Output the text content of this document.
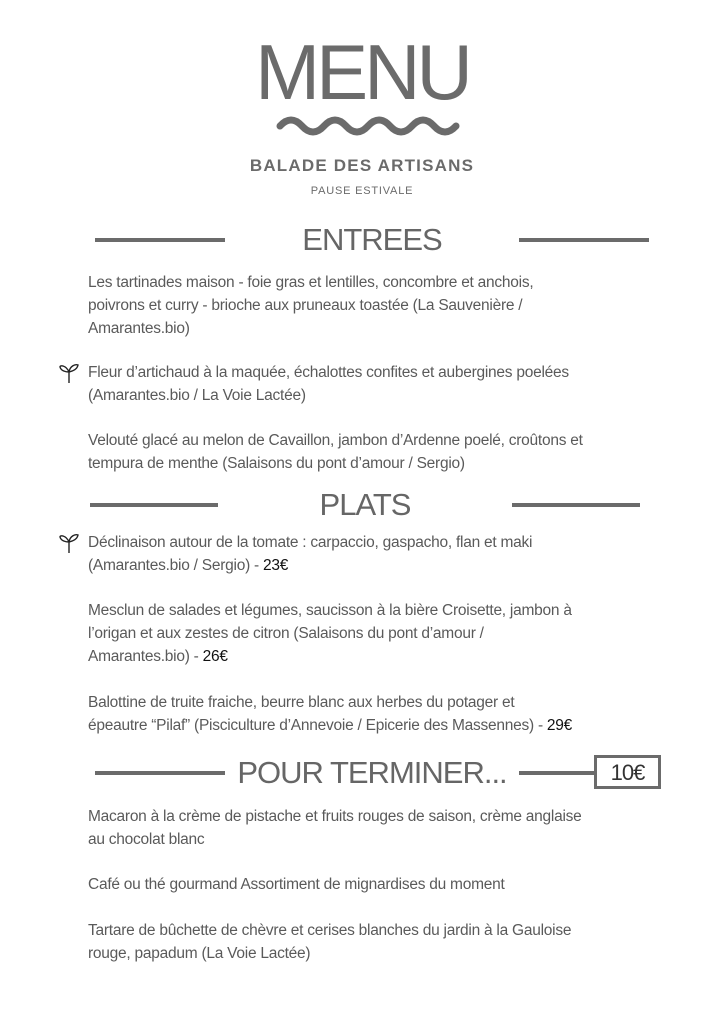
MENU
BALADE DES ARTISANS
PAUSE ESTIVALE
ENTREES
Les tartinades maison - foie gras et lentilles, concombre et anchois,
poivrons et curry - brioche aux pruneaux toastée (La Sauvenière /
Amarantes.bio)
Fleur d’artichaud à la maquée, échalottes confites et aubergines poelées
(Amarantes.bio / La Voie Lactée)
Velouté glacé au melon de Cavaillon, jambon d’Ardenne poelé, croûtons et
tempura de menthe (Salaisons du pont d’amour / Sergio)
PLATS
Déclinaison autour de la tomate : carpaccio, gaspacho, flan et maki
(Amarantes.bio / Sergio) - 23€
Mesclun de salades et légumes, saucisson à la bière Croisette, jambon à
l’origan et aux zestes de citron (Salaisons du pont d’amour /
Amarantes.bio) - 26€
Balottine de truite fraiche, beurre blanc aux herbes du potager et
épeautre “Pilaf” (Pisciculture d’Annevoie / Epicerie des Massennes) - 29€
POUR TERMINER...	10€
Macaron à la crème de pistache et fruits rouges de saison, crème anglaise
au chocolat blanc
Café ou thé gourmand Assortiment de mignardises du moment
Tartare de bûchette de chèvre et cerises blanches du jardin à la Gauloise
rouge, papadum (La Voie Lactée)
